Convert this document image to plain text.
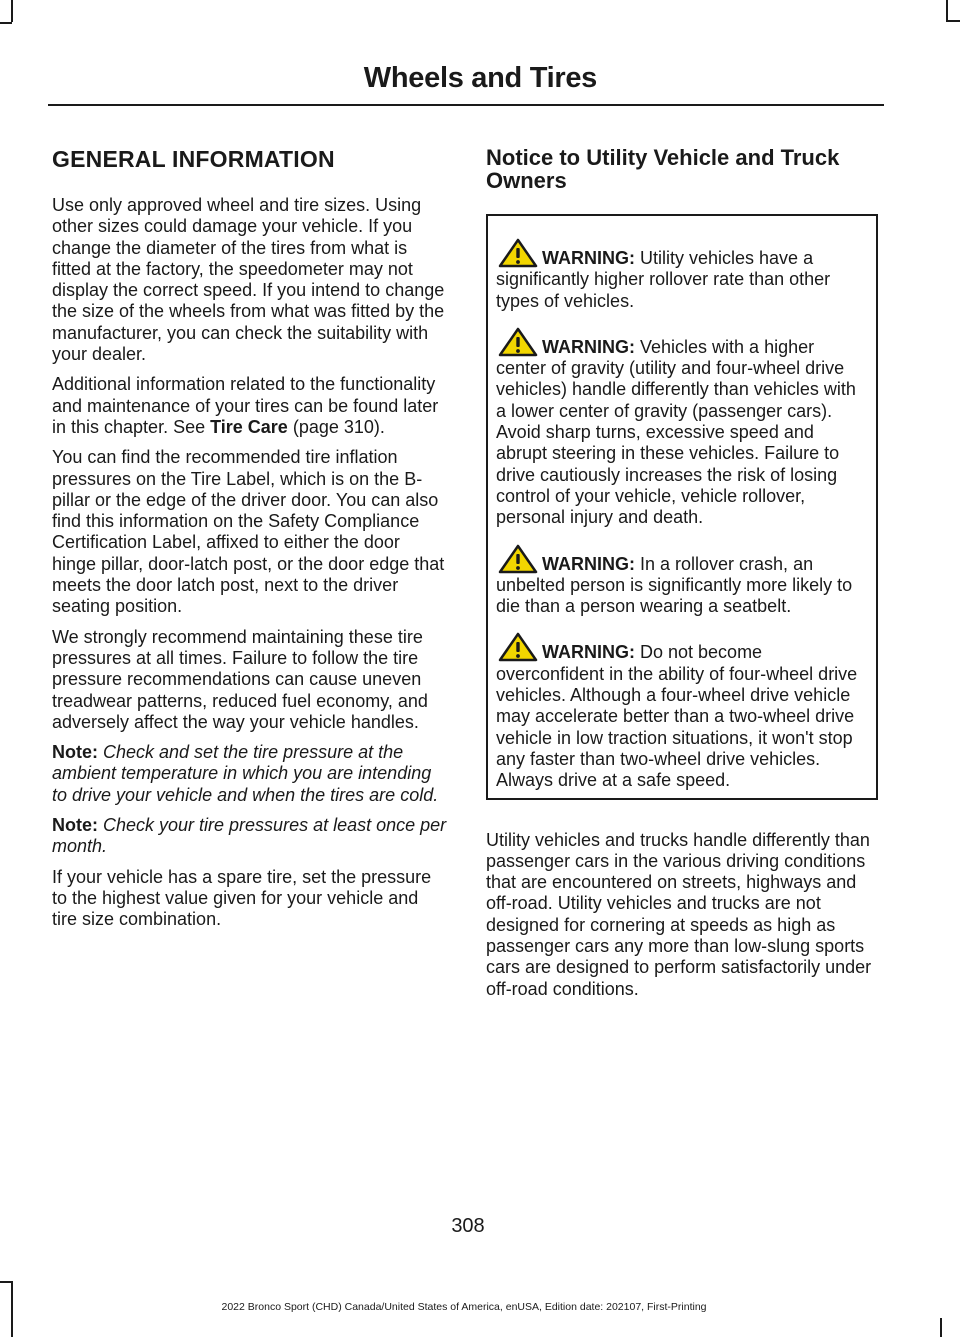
Wheels and Tires
GENERAL INFORMATION

Use only approved wheel and tire sizes. Using other sizes could damage your vehicle. If you change the diameter of the tires from what is fitted at the factory, the speedometer may not display the correct speed. If you intend to change the size of the wheels from what was fitted by the manufacturer, you can check the suitability with your dealer.

Additional information related to the functionality and maintenance of your tires can be found later in this chapter. See Tire Care (page 310).

You can find the recommended tire inflation pressures on the Tire Label, which is on the B-pillar or the edge of the driver door. You can also find this information on the Safety Compliance Certification Label, affixed to either the door hinge pillar, door-latch post, or the door edge that meets the door latch post, next to the driver seating position.

We strongly recommend maintaining these tire pressures at all times. Failure to follow the tire pressure recommendations can cause uneven treadwear patterns, reduced fuel economy, and adversely affect the way your vehicle handles.

Note: Check and set the tire pressure at the ambient temperature in which you are intending to drive your vehicle and when the tires are cold.

Note: Check your tire pressures at least once per month.

If your vehicle has a spare tire, set the pressure to the highest value given for your vehicle and tire size combination.

Notice to Utility Vehicle and Truck Owners
WARNING: Utility vehicles have a significantly higher rollover rate than other types of vehicles.
WARNING: Vehicles with a higher center of gravity (utility and four-wheel drive vehicles) handle differently than vehicles with a lower center of gravity (passenger cars). Avoid sharp turns, excessive speed and abrupt steering in these vehicles. Failure to drive cautiously increases the risk of losing control of your vehicle, vehicle rollover, personal injury and death.
WARNING: In a rollover crash, an unbelted person is significantly more likely to die than a person wearing a seatbelt.
WARNING: Do not become overconfident in the ability of four-wheel drive vehicles. Although a four-wheel drive vehicle may accelerate better than a two-wheel drive vehicle in low traction situations, it won't stop any faster than two-wheel drive vehicles. Always drive at a safe speed.

Utility vehicles and trucks handle differently than passenger cars in the various driving conditions that are encountered on streets, highways and off-road. Utility vehicles and trucks are not designed for cornering at speeds as high as passenger cars any more than low-slung sports cars are designed to perform satisfactorily under off-road conditions.

308
2022 Bronco Sport (CHD) Canada/United States of America, enUSA, Edition date: 202107, First-Printing
